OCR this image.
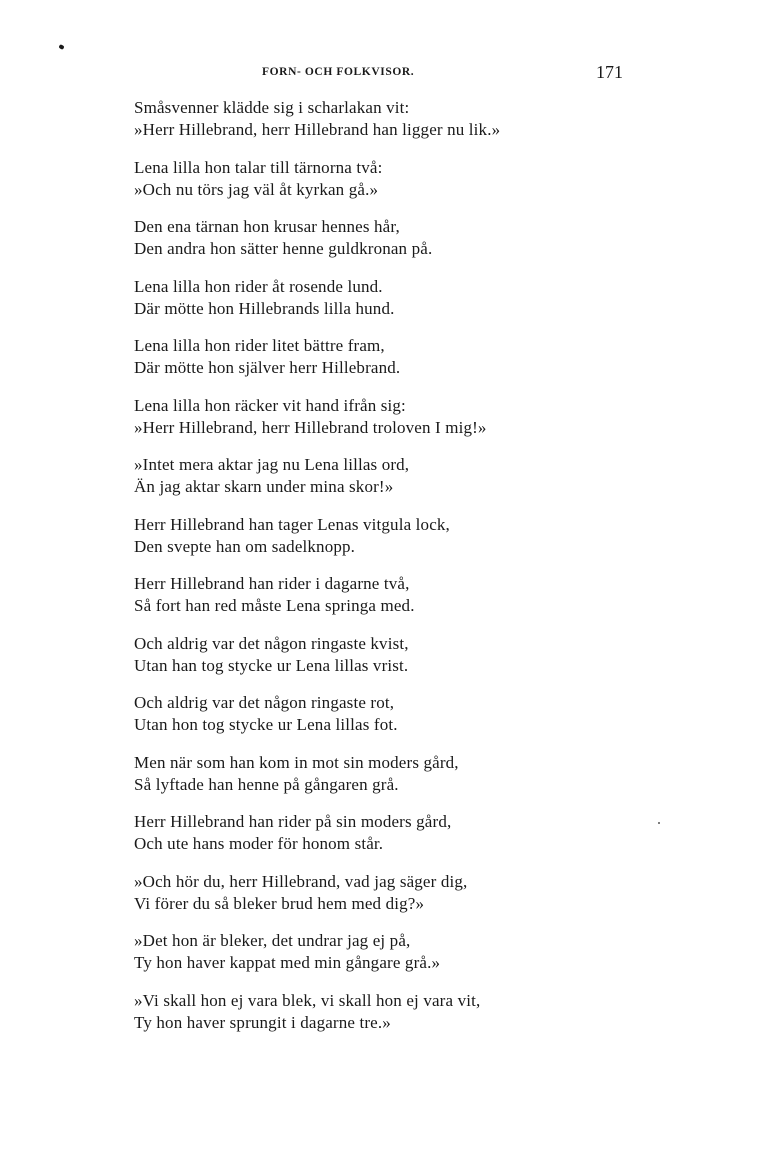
FORN- OCH FOLKVISOR.	171
Småsvenner klädde sig i scharlakan vit:
»Herr Hillebrand, herr Hillebrand han ligger nu lik.»
Lena lilla hon talar till tärnorna två:
»Och nu törs jag väl åt kyrkan gå.»
Den ena tärnan hon krusar hennes hår,
Den andra hon sätter henne guldkronan på.
Lena lilla hon rider åt rosende lund.
Där mötte hon Hillebrands lilla hund.
Lena lilla hon rider litet bättre fram,
Där mötte hon själver herr Hillebrand.
Lena lilla hon räcker vit hand ifrån sig:
»Herr Hillebrand, herr Hillebrand troloven I mig!»
»Intet mera aktar jag nu Lena lillas ord,
Än jag aktar skarn under mina skor!»
Herr Hillebrand han tager Lenas vitgula lock,
Den svepte han om sadelknopp.
Herr Hillebrand han rider i dagarne två,
Så fort han red måste Lena springa med.
Och aldrig var det någon ringaste kvist,
Utan han tog stycke ur Lena lillas vrist.
Och aldrig var det någon ringaste rot,
Utan hon tog stycke ur Lena lillas fot.
Men när som han kom in mot sin moders gård,
Så lyftade han henne på gångaren grå.
Herr Hillebrand han rider på sin moders gård,
Och ute hans moder för honom står.
»Och hör du, herr Hillebrand, vad jag säger dig,
Vi förer du så bleker brud hem med dig?»
»Det hon är bleker, det undrar jag ej på,
Ty hon haver kappat med min gångare grå.»
»Vi skall hon ej vara blek, vi skall hon ej vara vit,
Ty hon haver sprungit i dagarne tre.»
